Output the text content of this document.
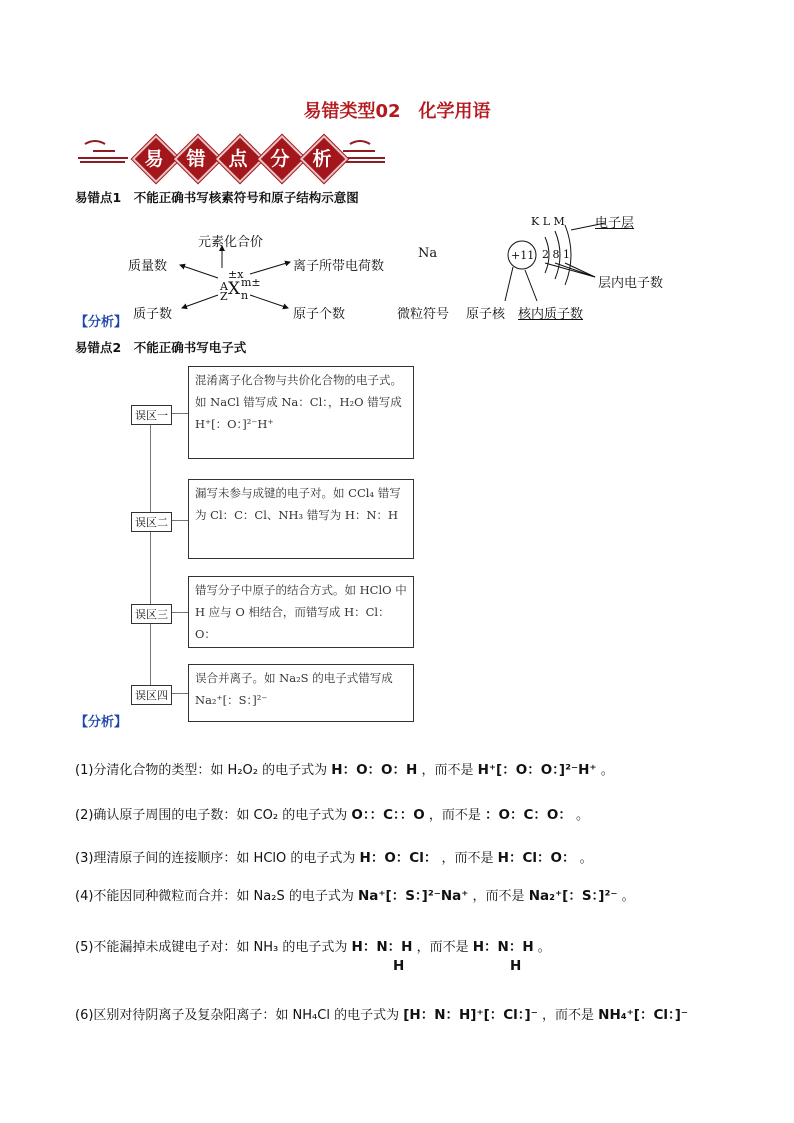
易错类型02　化学用语
易	错	点	分	析
易错点1　不能正确书写核素符号和原子结构示意图
元素化合价
质量数	离子所带电荷数
质子数	原子个数
±x
A
Z X m±
n
Na
微粒符号
+11 2 8 1
K L M 电子层
层内电子数
原子核 核内质子数
【分析】
易错点2　不能正确书写电子式
误区一
混淆离子化合物与共价化合物的电子式。如 NaCl 错写成 Na：Cl：，H₂O 错写成 H⁺[：O：]²⁻H⁺
误区二
漏写未参与成键的电子对。如 CCl₄ 错写为 Cl：C：Cl、NH₃ 错写为 H：N：H
误区三
错写分子中原子的结合方式。如 HClO 中 H 应与 O 相结合，而错写成 H：Cl：O：
误区四
误合并离子。如 Na₂S 的电子式错写成 Na₂⁺[：S：]²⁻
【分析】
(1)分清化合物的类型：如 H₂O₂ 的电子式为 H：O：O：H ，而不是 H⁺[：O：O：]²⁻H⁺ 。
(2)确认原子周围的电子数：如 CO₂ 的电子式为 O：：C：：O ，而不是 ：O：C：O： 。
(3)理清原子间的连接顺序：如 HClO 的电子式为 H：O：Cl： ，而不是 H：Cl：O： 。
(4)不能因同种微粒而合并：如 Na₂S 的电子式为 Na⁺[：S：]²⁻Na⁺ ，而不是 Na₂⁺[：S：]²⁻ 。
(5)不能漏掉未成键电子对：如 NH₃ 的电子式为 H：N：H ，而不是 H：N：H 。
H	H
(6)区别对待阴离子及复杂阳离子：如 NH₄Cl 的电子式为 [H：N：H]⁺[：Cl：]⁻ ，而不是 NH₄⁺[：Cl：]⁻
